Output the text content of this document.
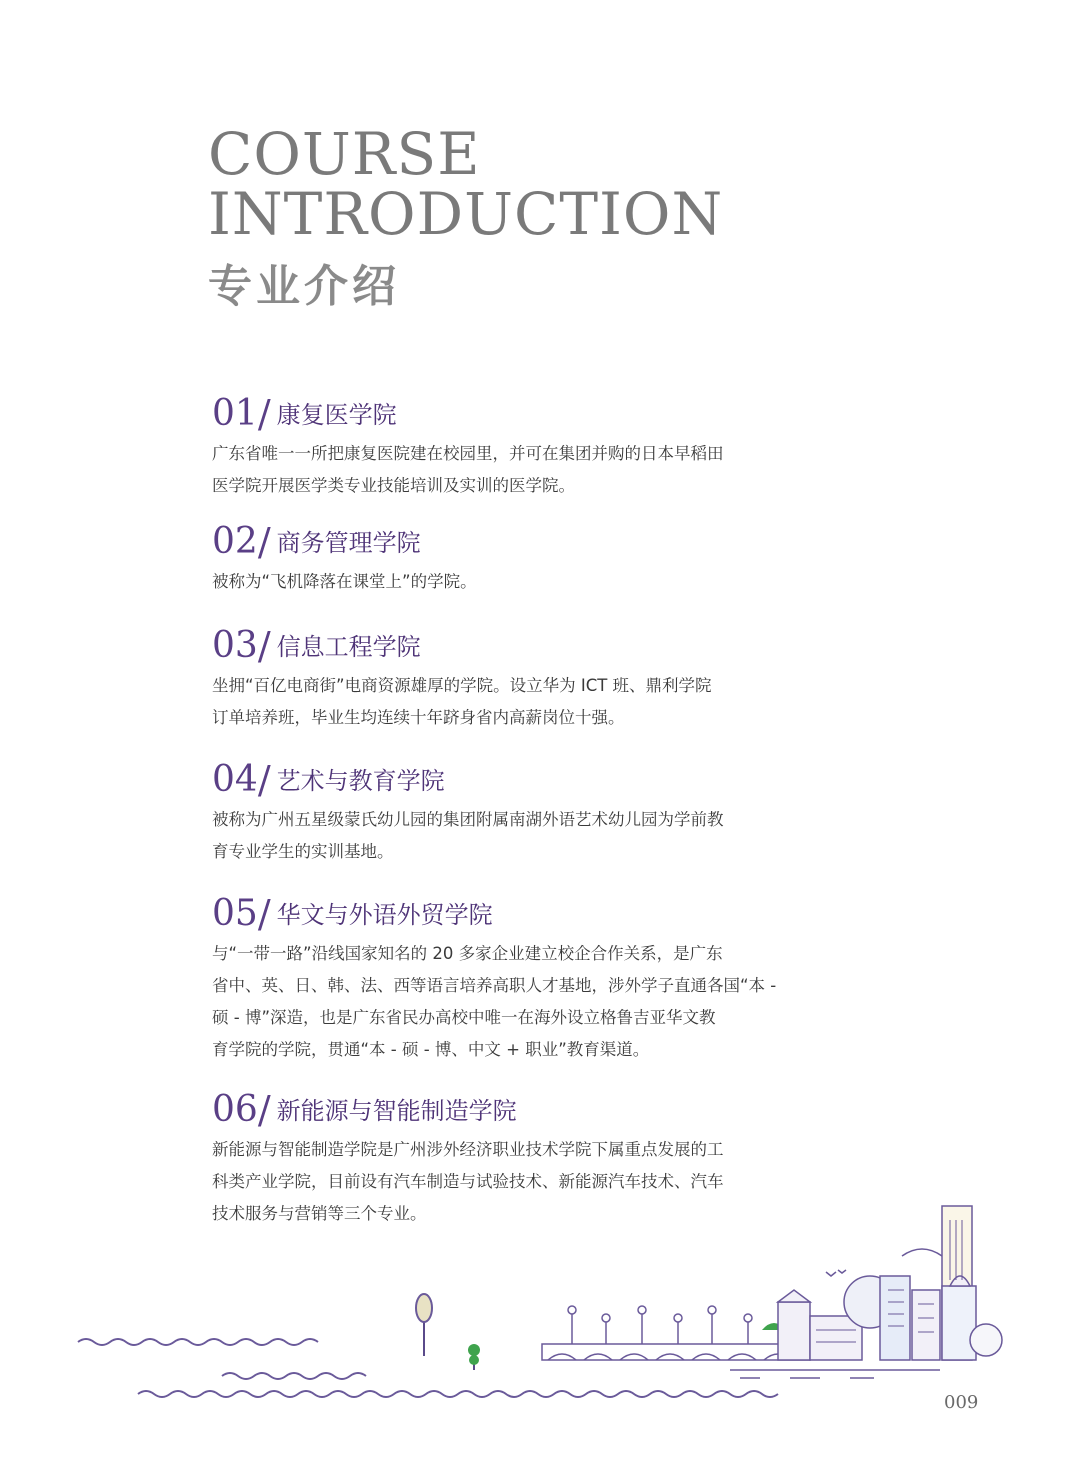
COURSE
INTRODUCTION
专业介绍
01 / 康复医学院
广东省唯一一所把康复医院建在校园里，并可在集团并购的日本早稻田
医学院开展医学类专业技能培训及实训的医学院。
02 / 商务管理学院
被称为“飞机降落在课堂上”的学院。
03 / 信息工程学院
坐拥“百亿电商街”电商资源雄厚的学院。设立华为 ICT 班、鼎利学院
订单培养班，毕业生均连续十年跻身省内高薪岗位十强。
04 / 艺术与教育学院
被称为广州五星级蒙氏幼儿园的集团附属南湖外语艺术幼儿园为学前教
育专业学生的实训基地。
05 / 华文与外语外贸学院
与“一带一路”沿线国家知名的 20 多家企业建立校企合作关系，是广东
省中、英、日、韩、法、西等语言培养高职人才基地，涉外学子直通各国“本 -
硕 - 博”深造，也是广东省民办高校中唯一在海外设立格鲁吉亚华文教
育学院的学院，贯通“本 - 硕 - 博、中文 + 职业”教育渠道。
06 / 新能源与智能制造学院
新能源与智能制造学院是广州涉外经济职业技术学院下属重点发展的工
科类产业学院，目前设有汽车制造与试验技术、新能源汽车技术、汽车
技术服务与营销等三个专业。
009
